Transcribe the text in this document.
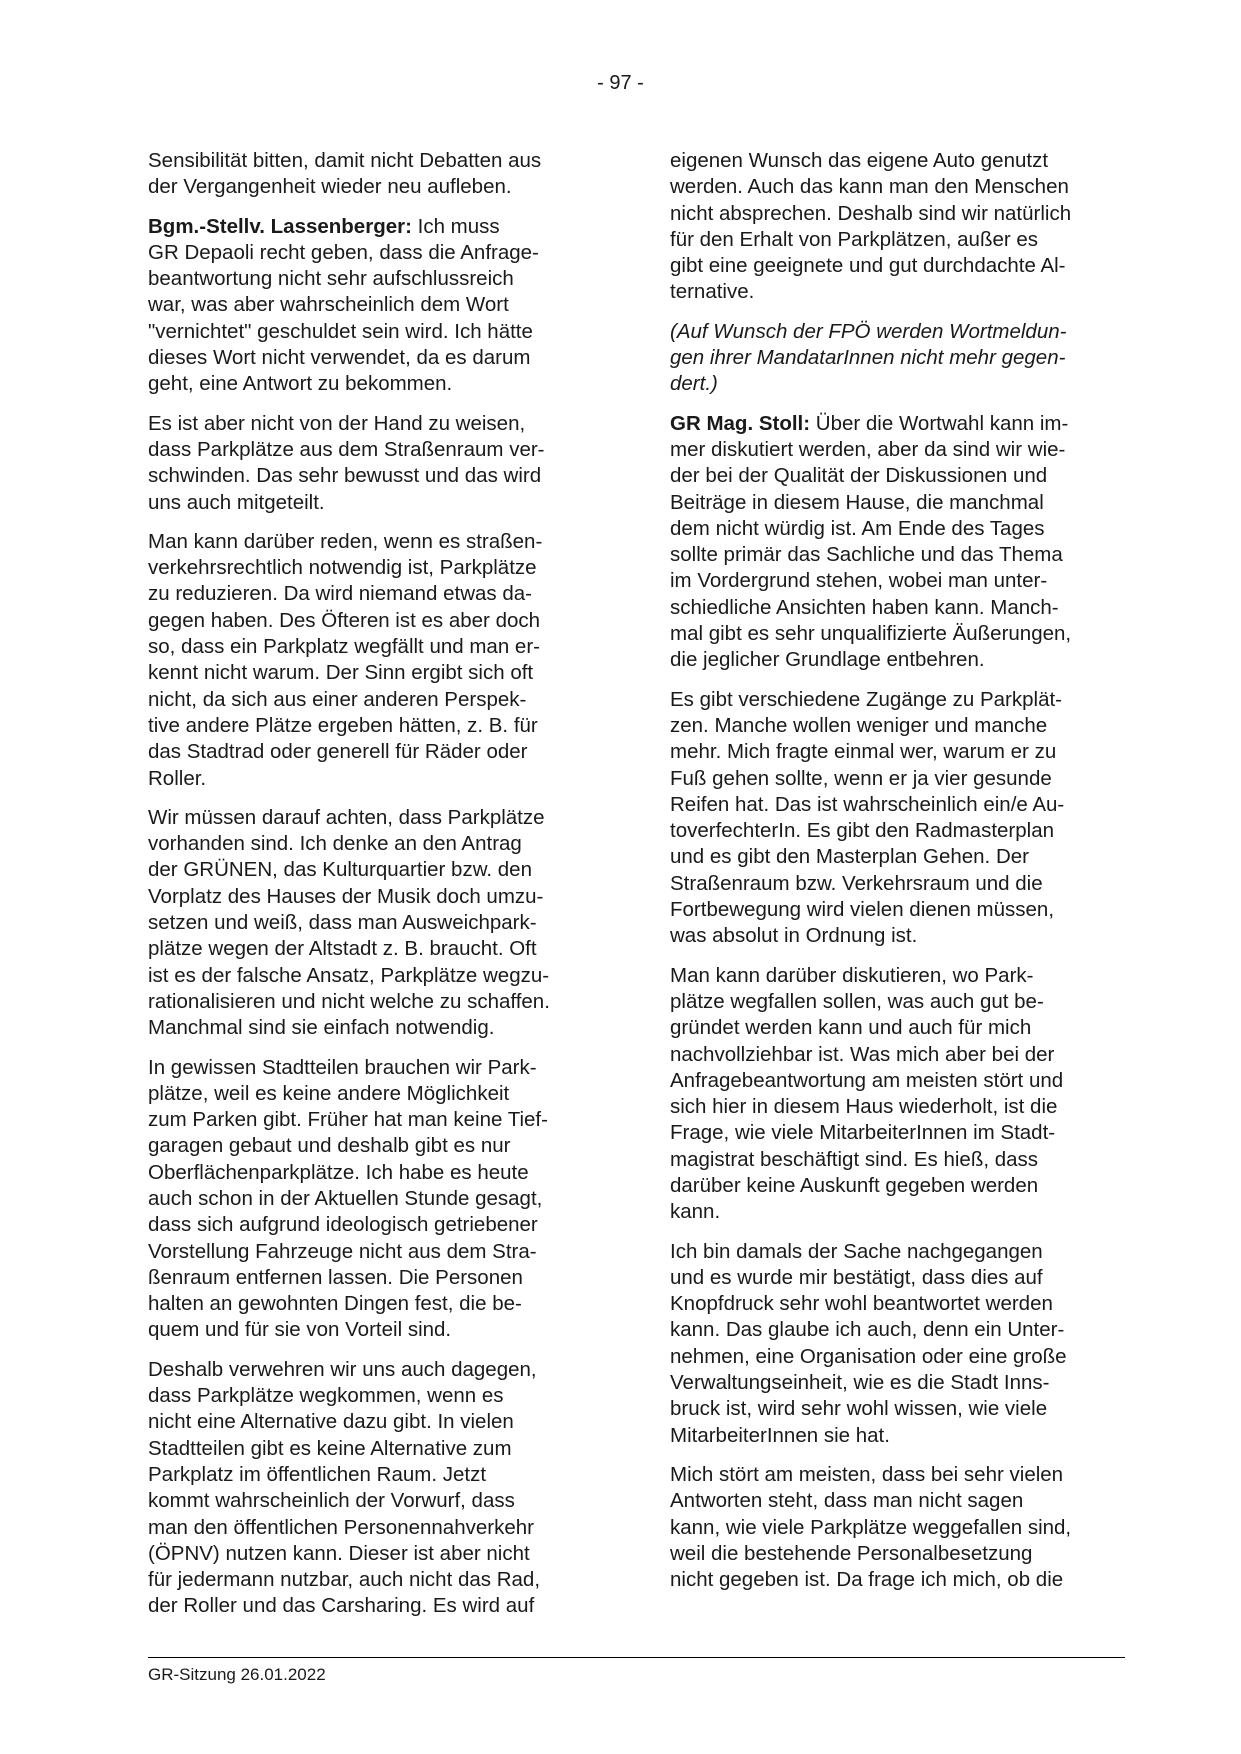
- 97 -

Sensibilität bitten, damit nicht Debatten aus
der Vergangenheit wieder neu aufleben.

Bgm.-Stellv. Lassenberger: Ich muss
GR Depaoli recht geben, dass die Anfrage-
beantwortung nicht sehr aufschlussreich
war, was aber wahrscheinlich dem Wort
"vernichtet" geschuldet sein wird. Ich hätte
dieses Wort nicht verwendet, da es darum
geht, eine Antwort zu bekommen.

Es ist aber nicht von der Hand zu weisen,
dass Parkplätze aus dem Straßenraum ver-
schwinden. Das sehr bewusst und das wird
uns auch mitgeteilt.

Man kann darüber reden, wenn es straßen-
verkehrsrechtlich notwendig ist, Parkplätze
zu reduzieren. Da wird niemand etwas da-
gegen haben. Des Öfteren ist es aber doch
so, dass ein Parkplatz wegfällt und man er-
kennt nicht warum. Der Sinn ergibt sich oft
nicht, da sich aus einer anderen Perspek-
tive andere Plätze ergeben hätten, z. B. für
das Stadtrad oder generell für Räder oder
Roller.

Wir müssen darauf achten, dass Parkplätze
vorhanden sind. Ich denke an den Antrag
der GRÜNEN, das Kulturquartier bzw. den
Vorplatz des Hauses der Musik doch umzu-
setzen und weiß, dass man Ausweichpark-
plätze wegen der Altstadt z. B. braucht. Oft
ist es der falsche Ansatz, Parkplätze wegzu-
rationalisieren und nicht welche zu schaffen.
Manchmal sind sie einfach notwendig.

In gewissen Stadtteilen brauchen wir Park-
plätze, weil es keine andere Möglichkeit
zum Parken gibt. Früher hat man keine Tief-
garagen gebaut und deshalb gibt es nur
Oberflächenparkplätze. Ich habe es heute
auch schon in der Aktuellen Stunde gesagt,
dass sich aufgrund ideologisch getriebener
Vorstellung Fahrzeuge nicht aus dem Stra-
ßenraum entfernen lassen. Die Personen
halten an gewohnten Dingen fest, die be-
quem und für sie von Vorteil sind.

Deshalb verwehren wir uns auch dagegen,
dass Parkplätze wegkommen, wenn es
nicht eine Alternative dazu gibt. In vielen
Stadtteilen gibt es keine Alternative zum
Parkplatz im öffentlichen Raum. Jetzt
kommt wahrscheinlich der Vorwurf, dass
man den öffentlichen Personennahverkehr
(ÖPNV) nutzen kann. Dieser ist aber nicht
für jedermann nutzbar, auch nicht das Rad,
der Roller und das Carsharing. Es wird auf

eigenen Wunsch das eigene Auto genutzt
werden. Auch das kann man den Menschen
nicht absprechen. Deshalb sind wir natürlich
für den Erhalt von Parkplätzen, außer es
gibt eine geeignete und gut durchdachte Al-
ternative.

(Auf Wunsch der FPÖ werden Wortmeldun-
gen ihrer MandatarInnen nicht mehr gegen-
dert.)

GR Mag. Stoll: Über die Wortwahl kann im-
mer diskutiert werden, aber da sind wir wie-
der bei der Qualität der Diskussionen und
Beiträge in diesem Hause, die manchmal
dem nicht würdig ist. Am Ende des Tages
sollte primär das Sachliche und das Thema
im Vordergrund stehen, wobei man unter-
schiedliche Ansichten haben kann. Manch-
mal gibt es sehr unqualifizierte Äußerungen,
die jeglicher Grundlage entbehren.

Es gibt verschiedene Zugänge zu Parkplät-
zen. Manche wollen weniger und manche
mehr. Mich fragte einmal wer, warum er zu
Fuß gehen sollte, wenn er ja vier gesunde
Reifen hat. Das ist wahrscheinlich ein/e Au-
toverfechterIn. Es gibt den Radmasterplan
und es gibt den Masterplan Gehen. Der
Straßenraum bzw. Verkehrsraum und die
Fortbewegung wird vielen dienen müssen,
was absolut in Ordnung ist.

Man kann darüber diskutieren, wo Park-
plätze wegfallen sollen, was auch gut be-
gründet werden kann und auch für mich
nachvollziehbar ist. Was mich aber bei der
Anfragebeantwortung am meisten stört und
sich hier in diesem Haus wiederholt, ist die
Frage, wie viele MitarbeiterInnen im Stadt-
magistrat beschäftigt sind. Es hieß, dass
darüber keine Auskunft gegeben werden
kann.

Ich bin damals der Sache nachgegangen
und es wurde mir bestätigt, dass dies auf
Knopfdruck sehr wohl beantwortet werden
kann. Das glaube ich auch, denn ein Unter-
nehmen, eine Organisation oder eine große
Verwaltungseinheit, wie es die Stadt Inns-
bruck ist, wird sehr wohl wissen, wie viele
MitarbeiterInnen sie hat.

Mich stört am meisten, dass bei sehr vielen
Antworten steht, dass man nicht sagen
kann, wie viele Parkplätze weggefallen sind,
weil die bestehende Personalbesetzung
nicht gegeben ist. Da frage ich mich, ob die

GR-Sitzung 26.01.2022
